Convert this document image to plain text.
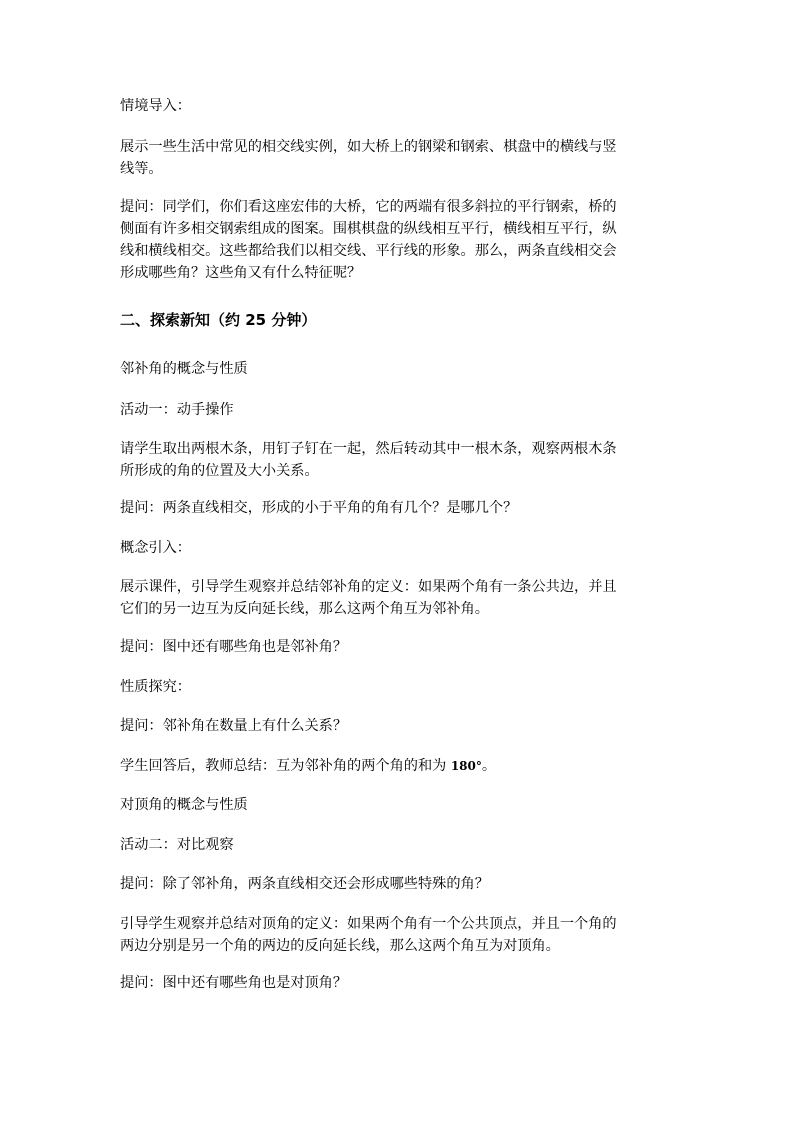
情境导入：

展示一些生活中常见的相交线实例，如大桥上的钢梁和钢索、棋盘中的横线与竖
线等。

提问：同学们，你们看这座宏伟的大桥，它的两端有很多斜拉的平行钢索，桥的
侧面有许多相交钢索组成的图案。围棋棋盘的纵线相互平行，横线相互平行，纵
线和横线相交。这些都给我们以相交线、平行线的形象。那么，两条直线相交会
形成哪些角？这些角又有什么特征呢？

二、探索新知（约 25 分钟）

邻补角的概念与性质

活动一：动手操作

请学生取出两根木条，用钉子钉在一起，然后转动其中一根木条，观察两根木条
所形成的角的位置及大小关系。

提问：两条直线相交，形成的小于平角的角有几个？是哪几个？

概念引入：

展示课件，引导学生观察并总结邻补角的定义：如果两个角有一条公共边，并且
它们的另一边互为反向延长线，那么这两个角互为邻补角。

提问：图中还有哪些角也是邻补角？

性质探究：

提问：邻补角在数量上有什么关系？

学生回答后，教师总结：互为邻补角的两个角的和为 180°。

对顶角的概念与性质

活动二：对比观察

提问：除了邻补角，两条直线相交还会形成哪些特殊的角？

引导学生观察并总结对顶角的定义：如果两个角有一个公共顶点，并且一个角的
两边分别是另一个角的两边的反向延长线，那么这两个角互为对顶角。

提问：图中还有哪些角也是对顶角？
